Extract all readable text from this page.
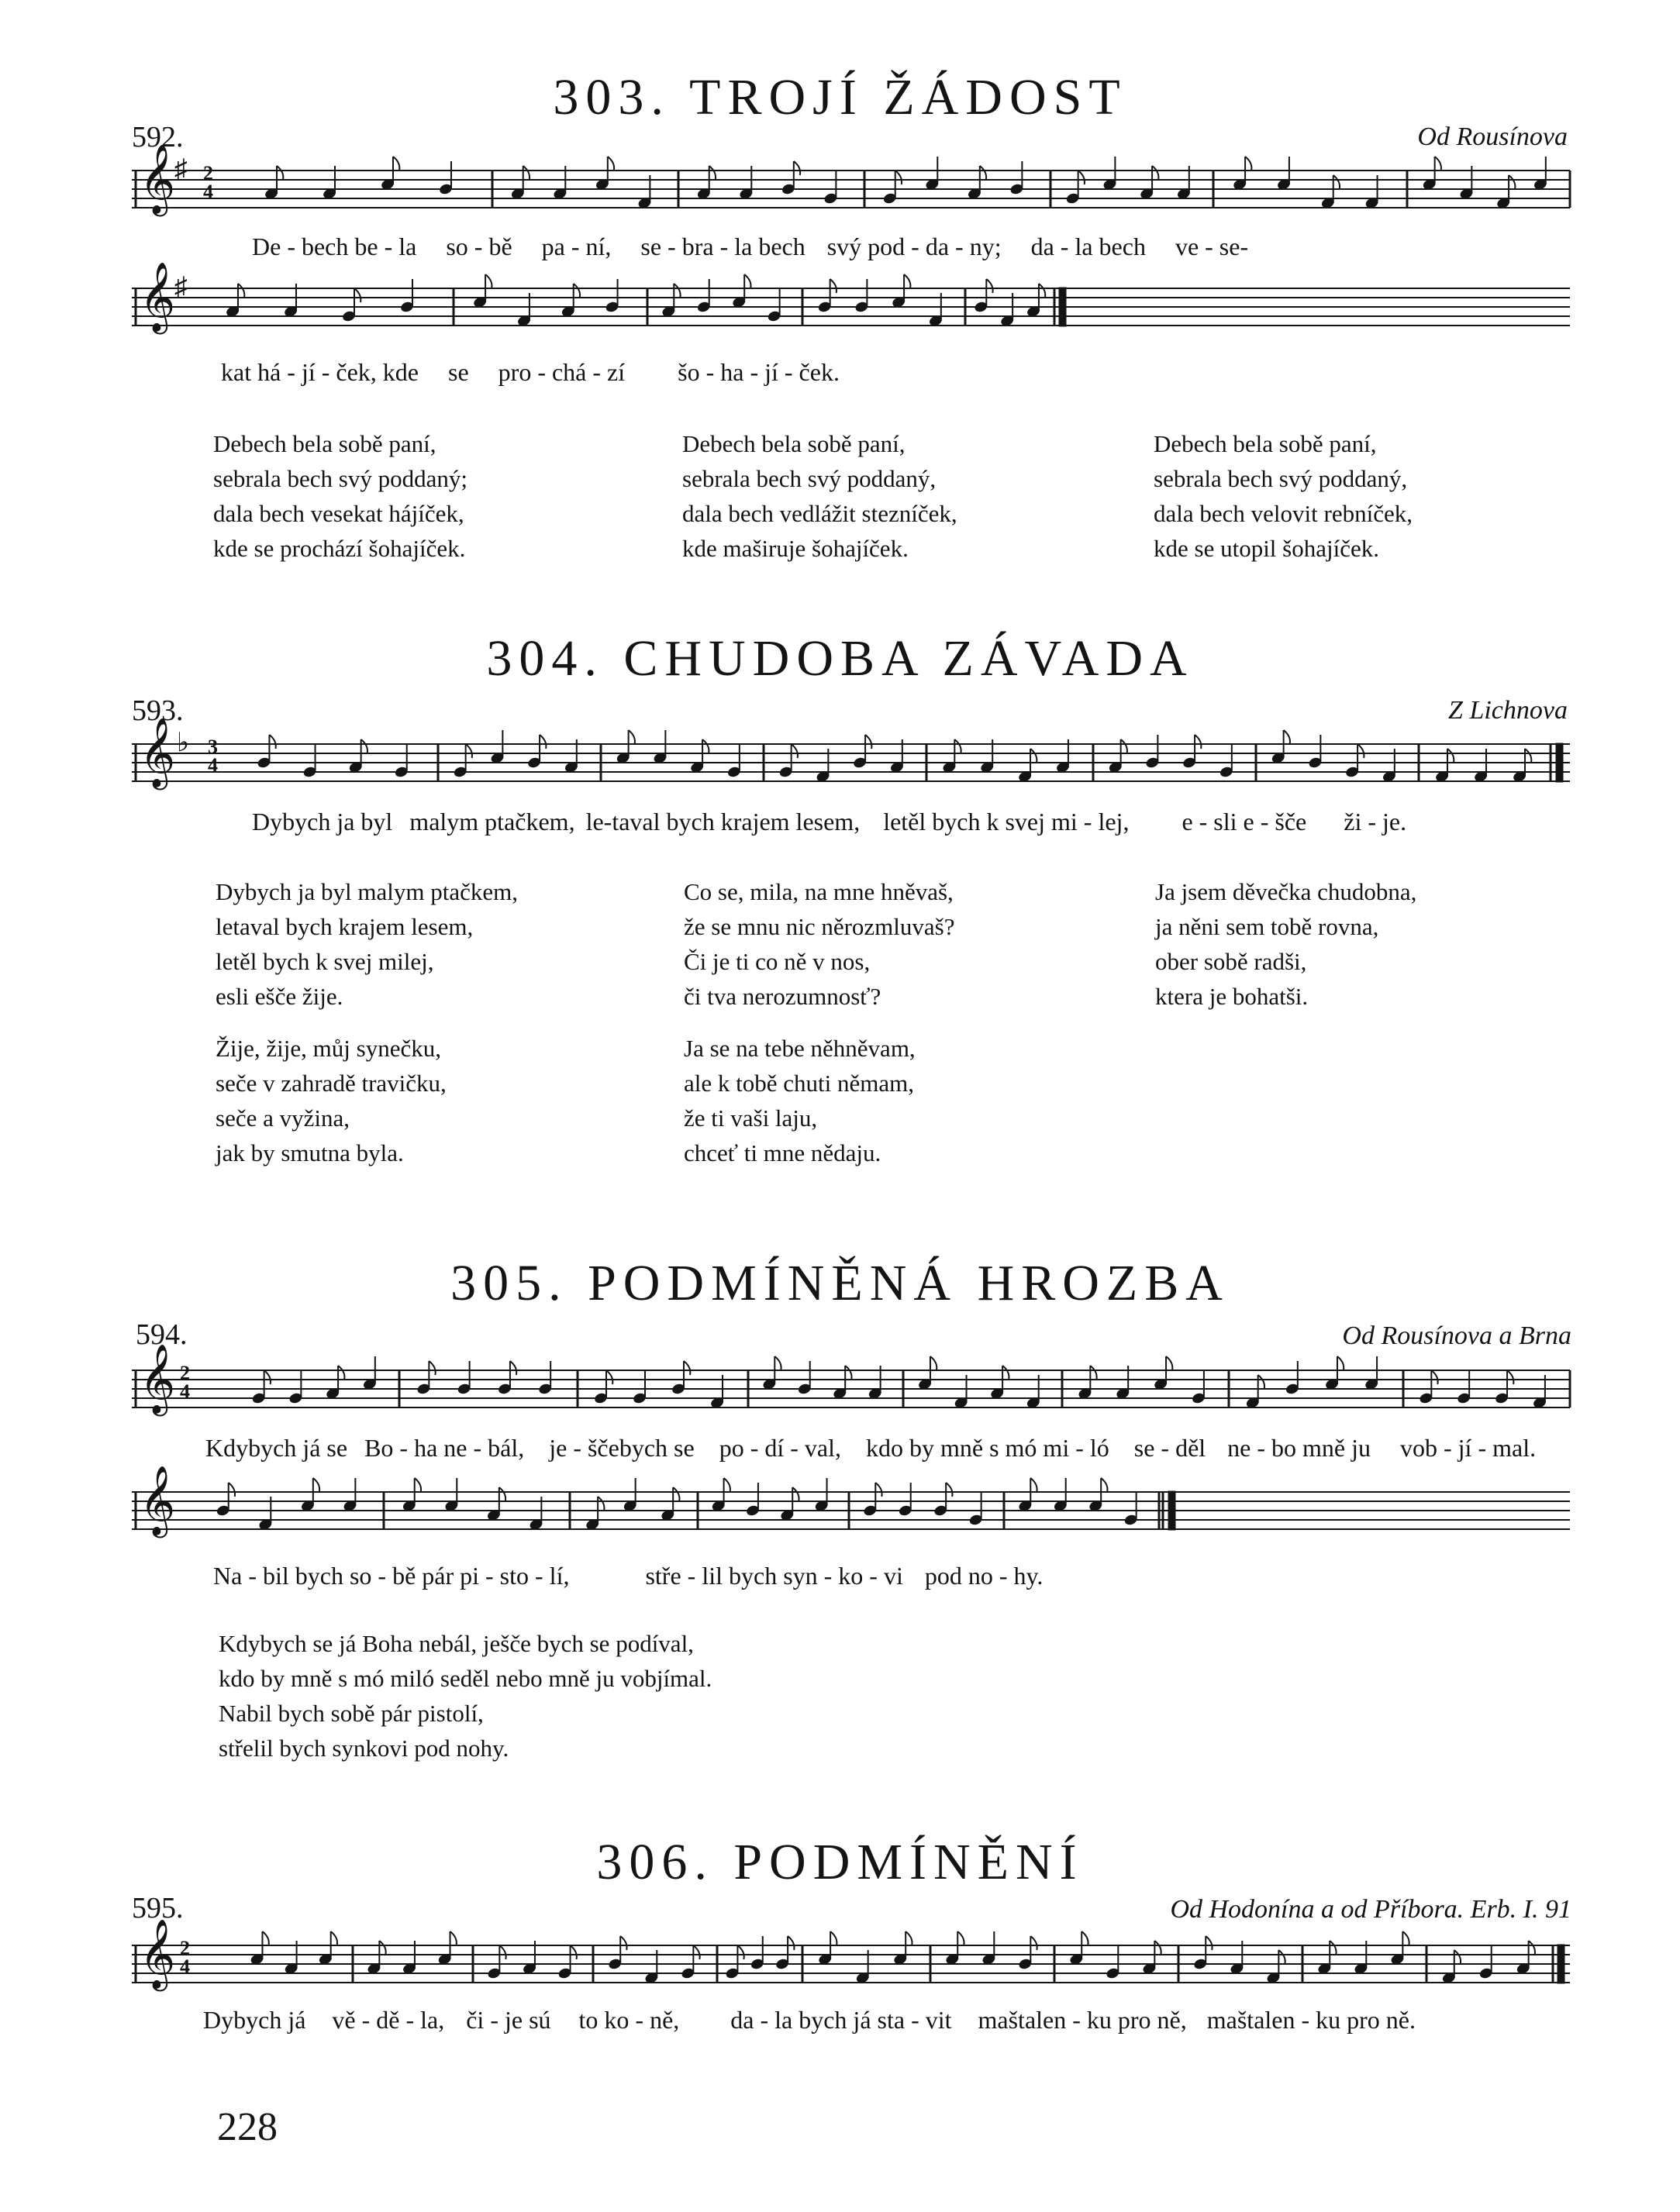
303. TROJÍ ŽÁDOST
592.	Od Rousínova
𝄞
♯ 2
4
De - bech be - la so - bě pa - ní, se - bra - la bech svý pod - da - ny; da - la bech ve - se-
𝄞
♯
kat há - jí - ček, kde se pro - chá - zí šo - ha - jí - ček.
Debech bela sobě paní,
sebrala bech svý poddaný;
dala bech vesekat hájíček,
kde se prochází šohajíček.
Debech bela sobě paní,
sebrala bech svý poddaný,
dala bech vedlážit stezníček,
kde maširuje šohajíček.
Debech bela sobě paní,
sebrala bech svý poddaný,
dala bech velovit rebníček,
kde se utopil šohajíček.
304. CHUDOBA ZÁVADA
593.	Z Lichnova
𝄞 ♭ 3
4
Dybych ja byl malym ptačkem, le-taval bych krajem lesem, letěl bych k svej mi - lej, e - sli e - šče ži - je.
Dybych ja byl malym ptačkem,
letaval bych krajem lesem,
letěl bych k svej milej,
esli ešče žije.
Co se, mila, na mne hněvaš,
že se mnu nic něrozmluvaš?
Či je ti co ně v nos,
či tva nerozumnosť?
Ja jsem děvečka chudobna,
ja něni sem tobě rovna,
ober sobě radši,
ktera je bohatši.
Žije, žije, můj synečku,
seče v zahradě travičku,
seče a vyžina,
jak by smutna byla.
Ja se na tebe něhněvam,
ale k tobě chuti němam,
že ti vaši laju,
chceť ti mne nědaju.
305. PODMÍNĚNÁ HROZBA
594.	Od Rousínova a Brna
𝄞 2
4
Kdybych já se Bo - ha ne - bál, je - ščebych se po - dí - val, kdo by mně s mó mi - ló se - děl ne - bo mně ju vob - jí - mal.
𝄞
Na - bil bych so - bě pár pi - sto - lí,	stře - lil bych syn - ko - vi pod no - hy.
Kdybych se já Boha nebál, ješče bych se podíval,
kdo by mně s mó miló seděl nebo mně ju vobjímal.
Nabil bych sobě pár pistolí,
střelil bych synkovi pod nohy.
306. PODMÍNĚNÍ
595.	Od Hodonína a od Příbora. Erb. I. 91
𝄞 2
4
Dybych já vě - dě - la, či - je sú to ko - ně, da - la bych já sta - vit maštalen - ku pro ně, maštalen - ku pro ně.
228
